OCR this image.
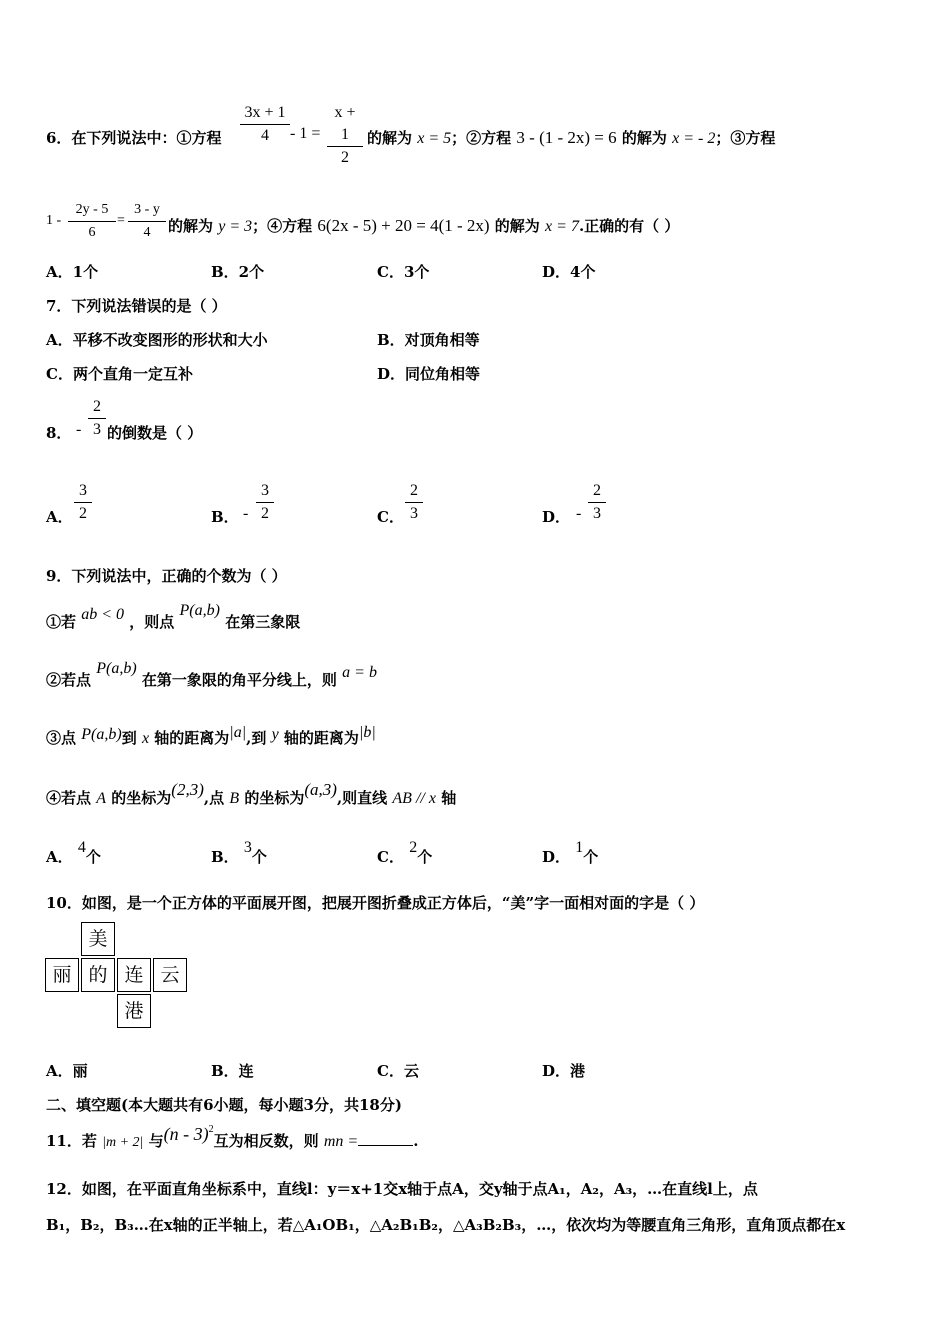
6．在下列说法中：①方程 $\frac{3x + 1}{4} - 1 = \frac{x + 1}{2}$ 的解为 x = 5；②方程 3 - (1 - 2x) = 6 的解为 x = - 2；③方程
$1 - \frac{2y - 5}{6} = \frac{3 - y}{4}$ 的解为 y = 3；④方程 6(2x - 5) + 20 = 4(1 - 2x) 的解为 x = 7.正确的有（ ）
A．1个	B．2个	C．3个	D．4个
7．下列说法错误的是（ ）
A．平移不改变图形的形状和大小	B．对顶角相等
C．两个直角一定互补	D．同位角相等
8． - $\frac{2}{3}$ 的倒数是（ ）
A． $\frac{3}{2}$	B． - $\frac{3}{2}$	C． $\frac{2}{3}$	D． - $\frac{2}{3}$
9．下列说法中，正确的个数为（ ）
①若 ab < 0 ，则点 P(a,b) 在第三象限
②若点 P(a,b) 在第一象限的角平分线上，则 a = b
③点 P(a,b)到 x 轴的距离为|a|,到 y 轴的距离为|b|
④若点 A 的坐标为(2,3),点 B 的坐标为(a,3),则直线 AB // x 轴
A． 4个	B． 3个	C． 2个	D． 1个
10．如图，是一个正方体的平面展开图，把展开图折叠成正方体后，“美”字一面相对面的字是（ ）
美
丽 的 连 云
港
A．丽	B．连	C．云	D．港
二、填空题(本大题共有6小题，每小题3分，共18分)
11．若 |m + 2| 与(n - 3)$^2$互为相反数，则 mn =	.
12．如图，在平面直角坐标系中，直线l：y＝x+1交x轴于点A，交y轴于点A₁，A₂，A₃，…在直线l上，点
B₁，B₂，B₃…在x轴的正半轴上，若△A₁OB₁，△A₂B₁B₂，△A₃B₂B₃，…，依次均为等腰直角三角形，直角顶点都在x
